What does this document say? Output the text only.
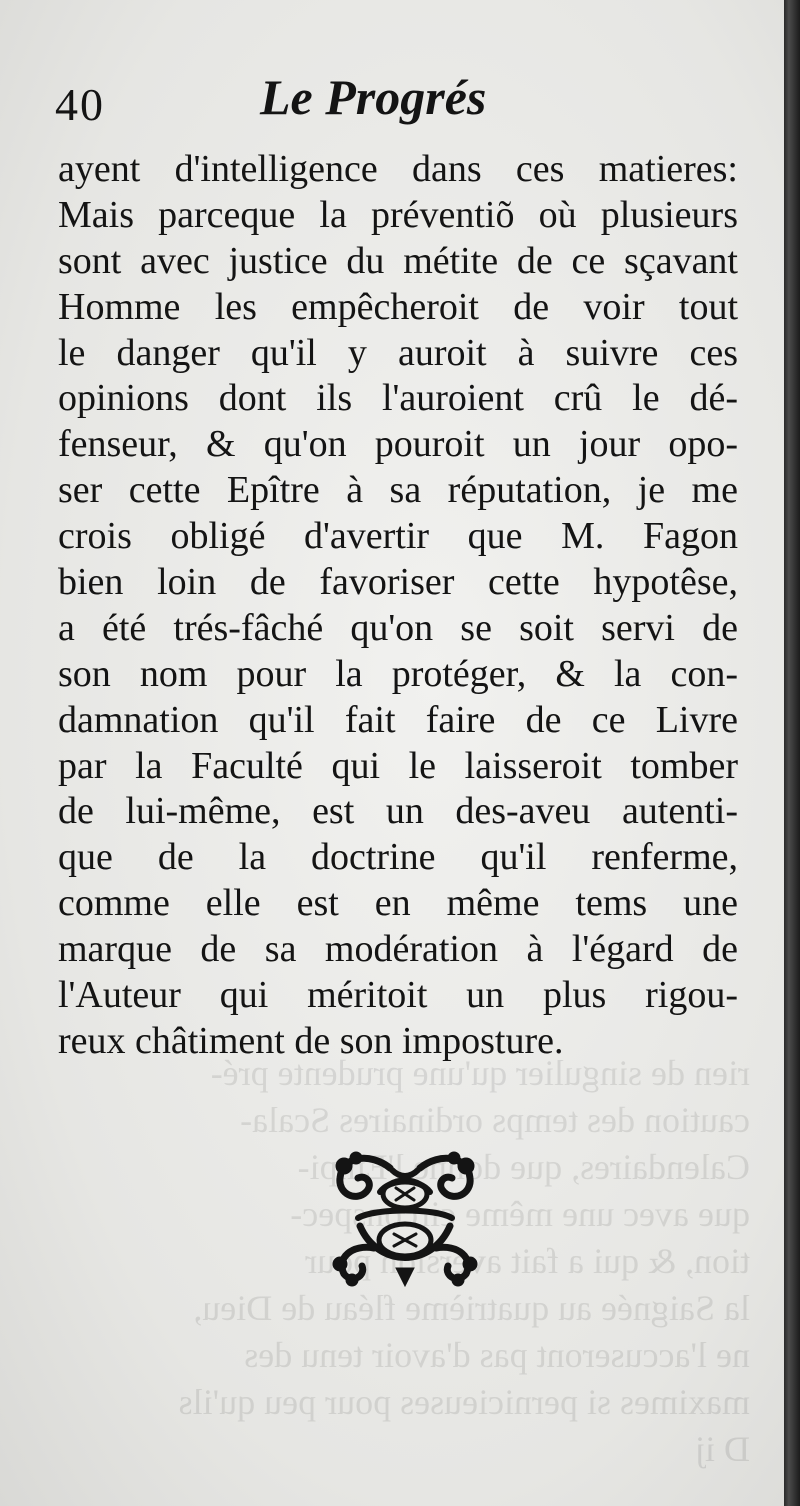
rien de singulier qu'une prudente pré-
caution des temps ordinaires Scala-
Calendaires, que donne l'Empi-
que avec une même circonspec-
tion, & qui a fait aversion pour
la Saignée au quatrième fléau de Dieu,
ne l'accuseront pas d'avoir tenu des
maximes si pernicieuses pour peu qu'ils
D ij
40	Le Progrés
ayent d'intelligence dans ces matieres:
Mais parceque la préventiõ où plusieurs
sont avec justice du métite de ce sçavant
Homme les empêcheroit de voir tout
le danger qu'il y auroit à suivre ces
opinions dont ils l'auroient crû le dé-
fenseur, & qu'on pouroit un jour opo-
ser cette Epître à sa réputation, je me
crois obligé d'avertir que M. Fagon
bien loin de favoriser cette hypotêse,
a été trés-fâché qu'on se soit servi de
son nom pour la protéger, & la con-
damnation qu'il fait faire de ce Livre
par la Faculté qui le laisseroit tomber
de lui-même, est un des-aveu autenti-
que de la doctrine qu'il renferme,
comme elle est en même tems une
marque de sa modération à l'égard de
l'Auteur qui méritoit un plus rigou-
reux châtiment de son imposture.
